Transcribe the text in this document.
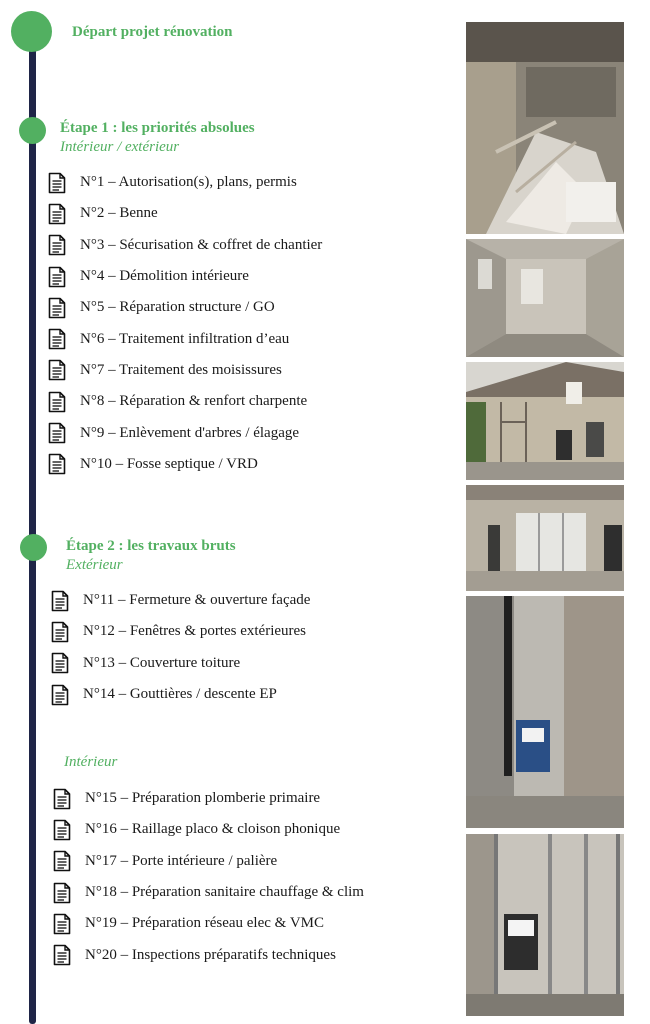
Départ projet rénovation
Étape 1 : les priorités absolues
Intérieur / extérieur
N°1 – Autorisation(s), plans, permis
N°2 – Benne
N°3 – Sécurisation & coffret de chantier
N°4 – Démolition intérieure
N°5 – Réparation structure / GO
N°6 – Traitement infiltration d’eau
N°7 – Traitement des moisissures
N°8 – Réparation & renfort charpente
N°9 – Enlèvement d'arbres / élagage
N°10 – Fosse septique / VRD
Étape 2 : les travaux bruts
Extérieur
N°11 – Fermeture & ouverture façade
N°12 – Fenêtres & portes extérieures
N°13 – Couverture toiture
N°14 – Gouttières / descente EP
Intérieur
N°15 – Préparation plomberie primaire
N°16 – Raillage placo & cloison phonique
N°17 – Porte intérieure / palière
N°18 – Préparation sanitaire chauffage & clim
N°19 – Préparation réseau elec & VMC
N°20 – Inspections préparatifs techniques
